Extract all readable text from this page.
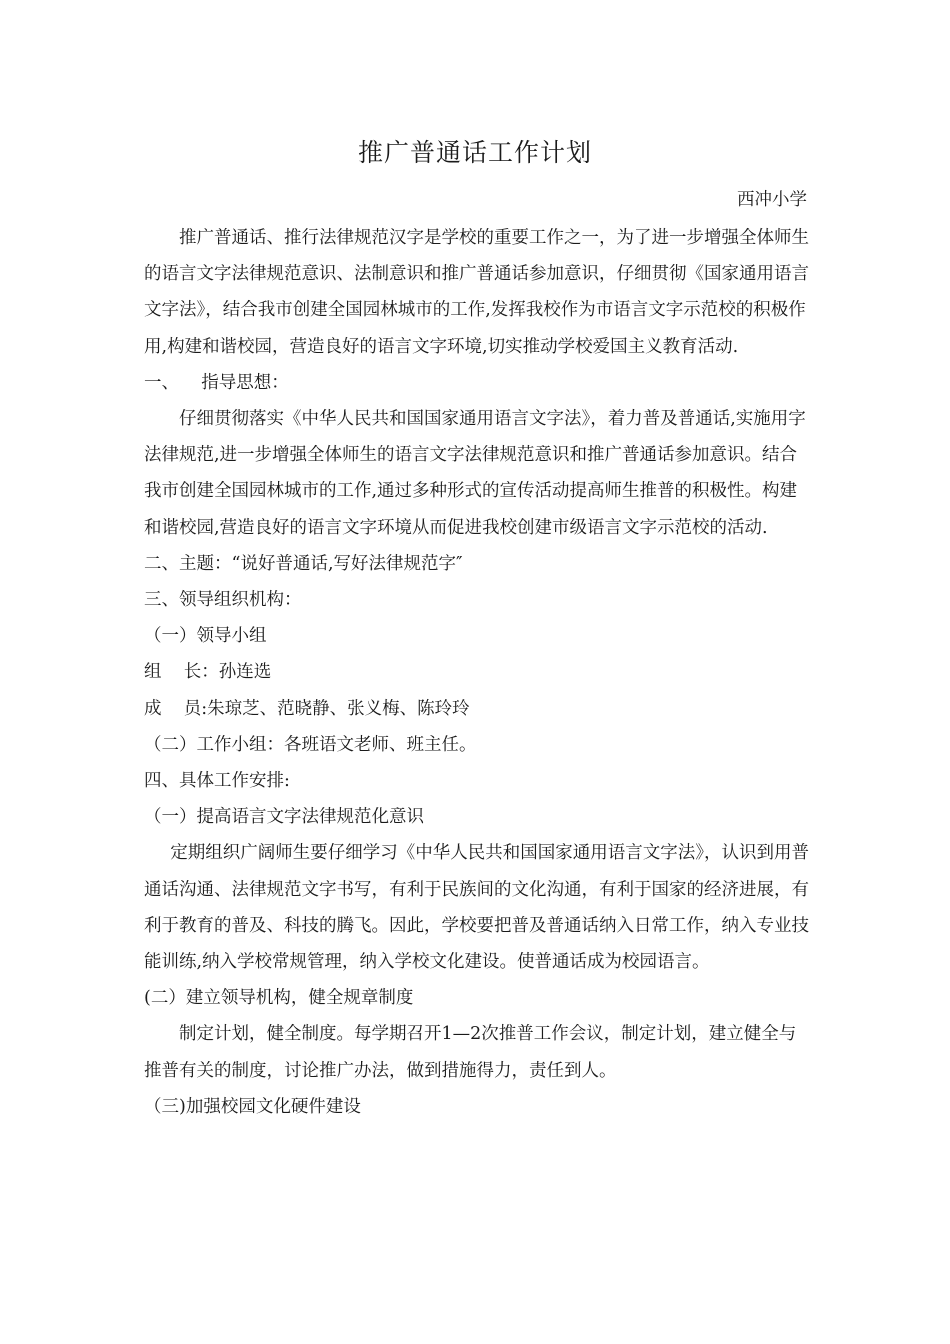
推广普通话工作计划
西冲小学

推广普通话、推行法律规范汉字是学校的重要工作之一，为了进一步增强全体师生的语言文字法律规范意识、法制意识和推广普通话参加意识，仔细贯彻《国家通用语言文字法》，结合我市创建全国园林城市的工作,发挥我校作为市语言文字示范校的积极作用,构建和谐校园，营造良好的语言文字环境,切实推动学校爱国主义教育活动.

一、    指导思想：

仔细贯彻落实《中华人民共和国国家通用语言文字法》，着力普及普通话,实施用字法律规范,进一步增强全体师生的语言文字法律规范意识和推广普通话参加意识。结合我市创建全国园林城市的工作,通过多种形式的宣传活动提高师生推普的积极性。构建和谐校园,营造良好的语言文字环境从而促进我校创建市级语言文字示范校的活动.

二、主题：“说好普通话,写好法律规范字″

三、领导组织机构：

（一）领导小组

组    长：孙连选

成    员:朱琼芝、范晓静、张义梅、陈玲玲

（二）工作小组：各班语文老师、班主任。

四、具体工作安排:

（一）提高语言文字法律规范化意识

定期组织广阔师生要仔细学习《中华人民共和国国家通用语言文字法》，认识到用普通话沟通、法律规范文字书写，有利于民族间的文化沟通，有利于国家的经济进展，有利于教育的普及、科技的腾飞。因此，学校要把普及普通话纳入日常工作，纳入专业技能训练,纳入学校常规管理，纳入学校文化建设。使普通话成为校园语言。

(二）建立领导机构，健全规章制度

制定计划，健全制度。每学期召开1—2次推普工作会议，制定计划，建立健全与推普有关的制度，讨论推广办法，做到措施得力，责任到人。

（三)加强校园文化硬件建设
